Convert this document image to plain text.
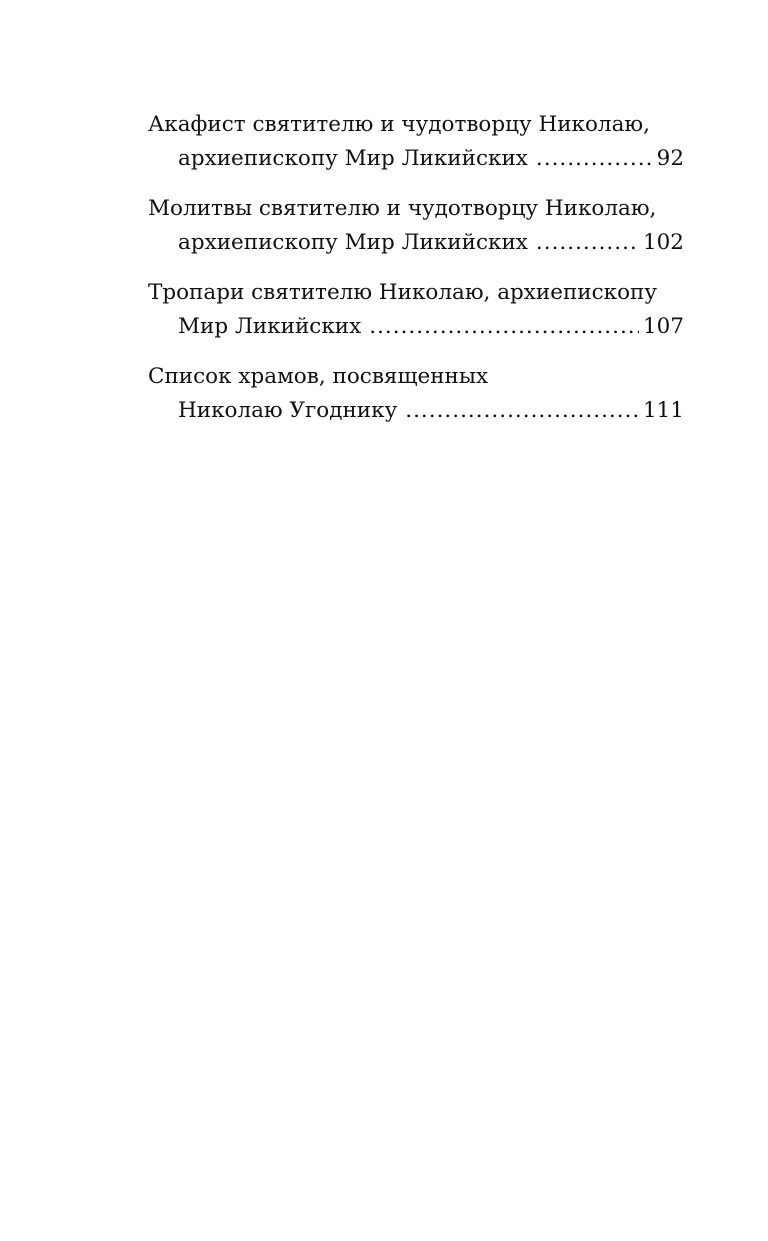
Акафист святителю и чудотворцу Николаю,
архиепископу Мир Ликийских .....	92
Молитвы святителю и чудотворцу Николаю,
архиепископу Мир Ликийских .....	102
Тропари святителю Николаю, архиепископу
Мир Ликийских .....	107
Список храмов, посвященных
Николаю Угоднику .....	111
